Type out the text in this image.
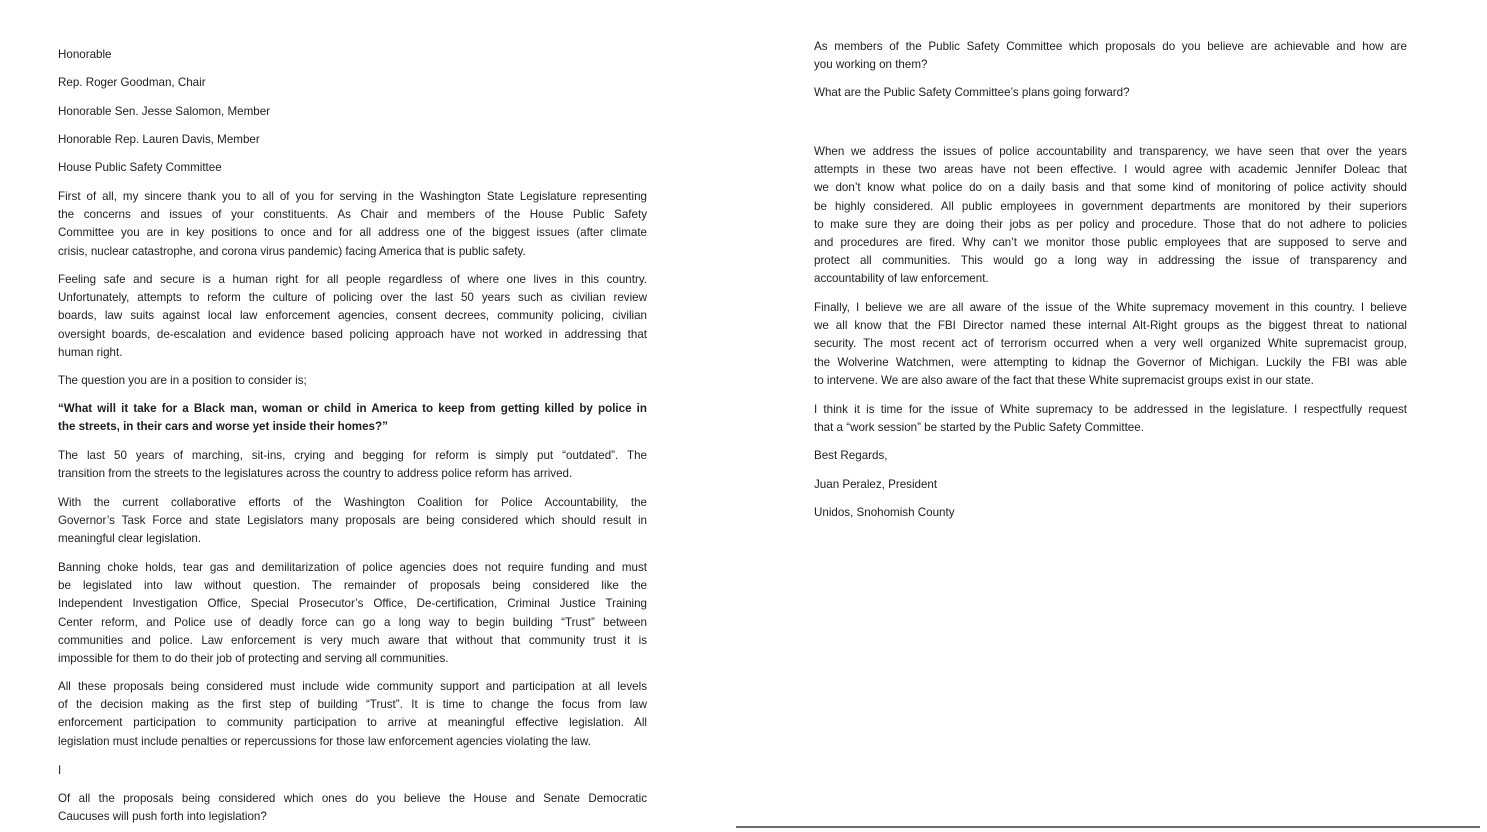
Honorable

Rep. Roger Goodman, Chair

Honorable Sen. Jesse Salomon, Member

Honorable Rep. Lauren Davis, Member

House Public Safety Committee

First of all, my sincere thank you to all of you for serving in the Washington State Legislature representing
the concerns and issues of your constituents. As Chair and members of the House Public Safety
Committee you are in key positions to once and for all address one of the biggest issues (after climate
crisis, nuclear catastrophe, and corona virus pandemic) facing America that is public safety.

Feeling safe and secure is a human right for all people regardless of where one lives in this country.
Unfortunately, attempts to reform the culture of policing over the last 50 years such as civilian review
boards, law suits against local law enforcement agencies, consent decrees, community policing, civilian
oversight boards, de-escalation and evidence based policing approach have not worked in addressing that
human right.

The question you are in a position to consider is;

“What will it take for a Black man, woman or child in America to keep from getting killed by police in
the streets, in their cars and worse yet inside their homes?”

The last 50 years of marching, sit-ins, crying and begging for reform is simply put “outdated”. The
transition from the streets to the legislatures across the country to address police reform has arrived.

With the current collaborative efforts of the Washington Coalition for Police Accountability, the
Governor’s Task Force and state Legislators many proposals are being considered which should result in
meaningful clear legislation.

Banning choke holds, tear gas and demilitarization of police agencies does not require funding and must
be legislated into law without question. The remainder of proposals being considered like the
Independent Investigation Office, Special Prosecutor’s Office, De-certification, Criminal Justice Training
Center reform, and Police use of deadly force can go a long way to begin building “Trust” between
communities and police. Law enforcement is very much aware that without that community trust it is
impossible for them to do their job of protecting and serving all communities.

All these proposals being considered must include wide community support and participation at all levels
of the decision making as the first step of building “Trust”. It is time to change the focus from law
enforcement participation to community participation to arrive at meaningful effective legislation. All
legislation must include penalties or repercussions for those law enforcement agencies violating the law.

I

Of all the proposals being considered which ones do you believe the House and Senate Democratic
Caucuses will push forth into legislation?

As members of the Public Safety Committee which proposals do you believe are achievable and how are
you working on them?

What are the Public Safety Committee’s plans going forward?

When we address the issues of police accountability and transparency, we have seen that over the years
attempts in these two areas have not been effective. I would agree with academic Jennifer Doleac that
we don’t know what police do on a daily basis and that some kind of monitoring of police activity should
be highly considered. All public employees in government departments are monitored by their superiors
to make sure they are doing their jobs as per policy and procedure. Those that do not adhere to policies
and procedures are fired. Why can’t we monitor those public employees that are supposed to serve and
protect all communities. This would go a long way in addressing the issue of transparency and
accountability of law enforcement.

Finally, I believe we are all aware of the issue of the White supremacy movement in this country. I believe
we all know that the FBI Director named these internal Alt-Right groups as the biggest threat to national
security. The most recent act of terrorism occurred when a very well organized White supremacist group,
the Wolverine Watchmen, were attempting to kidnap the Governor of Michigan. Luckily the FBI was able
to intervene. We are also aware of the fact that these White supremacist groups exist in our state.

I think it is time for the issue of White supremacy to be addressed in the legislature. I respectfully request
that a “work session” be started by the Public Safety Committee.

Best Regards,

Juan Peralez, President

Unidos, Snohomish County
